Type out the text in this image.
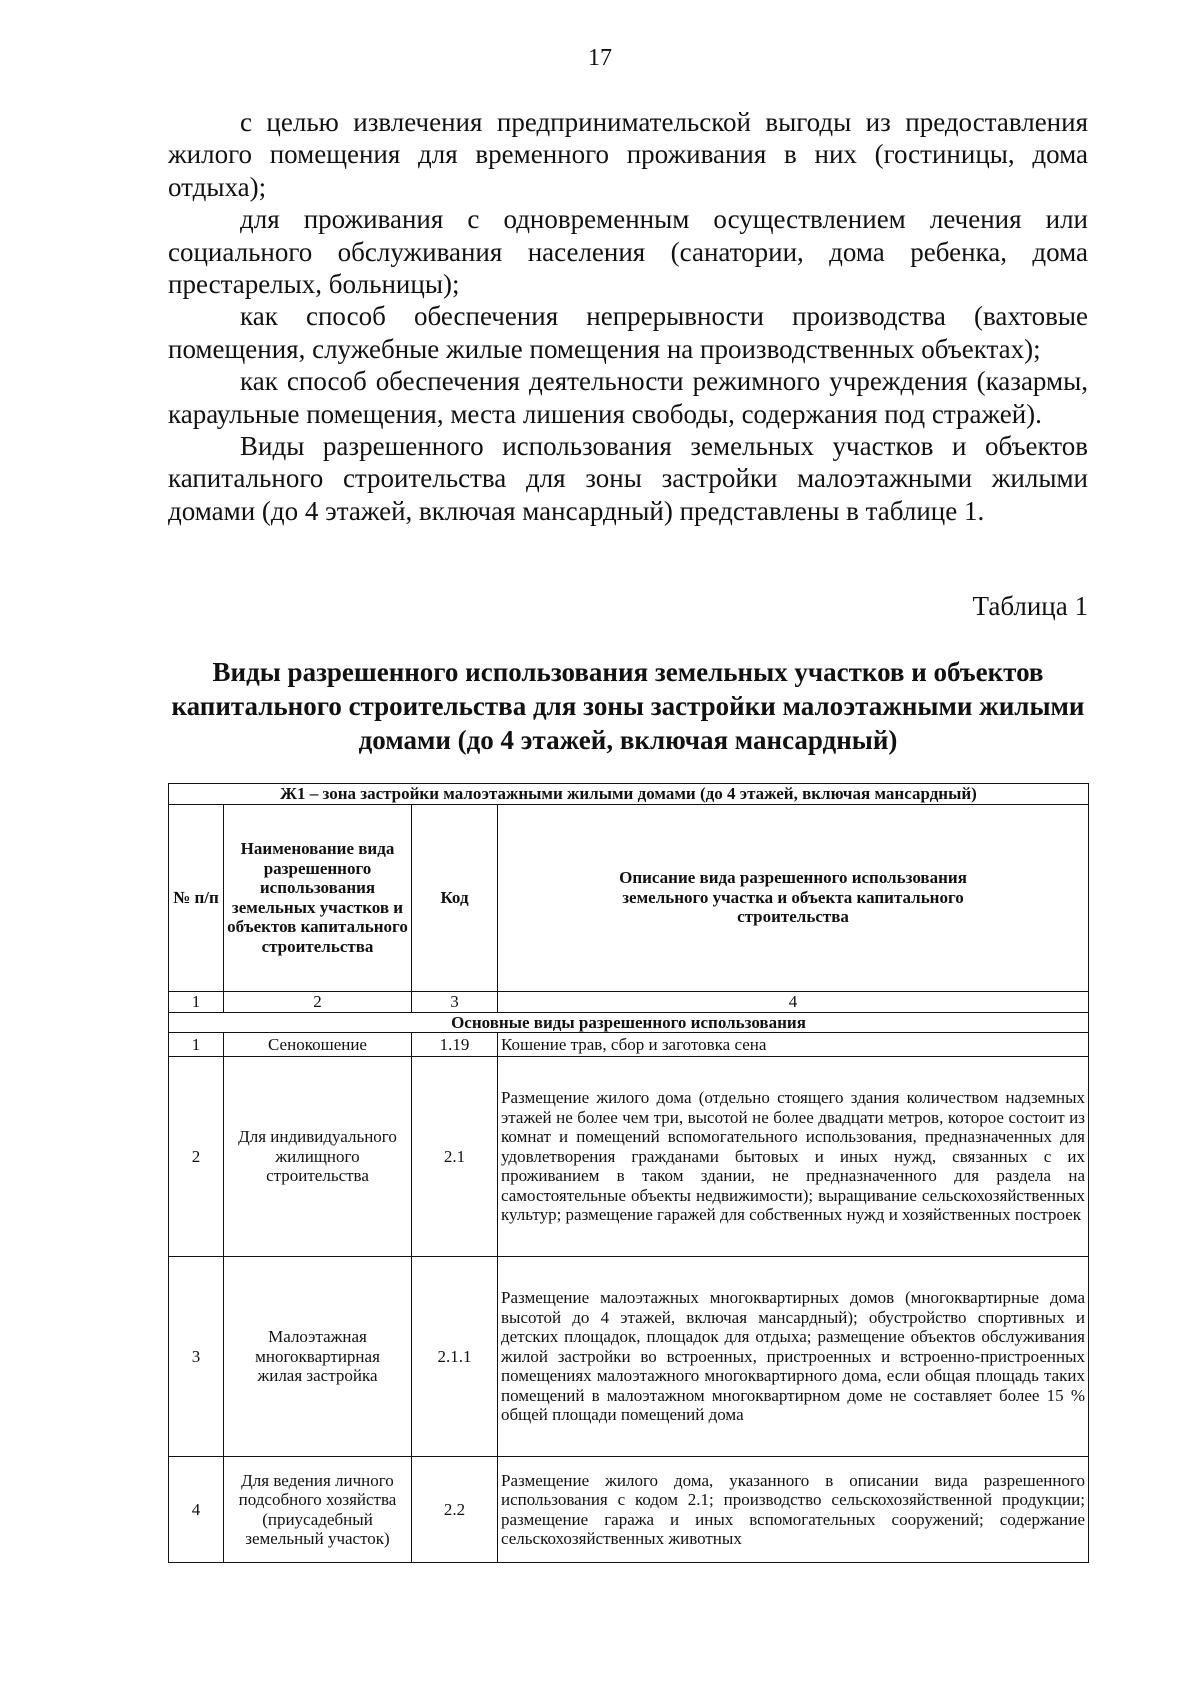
17

с целью извлечения предпринимательской выгоды из предоставления жилого помещения для временного проживания в них (гостиницы, дома отдыха);

для проживания с одновременным осуществлением лечения или социального обслуживания населения (санатории, дома ребенка, дома престарелых, больницы);

как способ обеспечения непрерывности производства (вахтовые помещения, служебные жилые помещения на производственных объектах);

как способ обеспечения деятельности режимного учреждения (казармы, караульные помещения, места лишения свободы, содержания под стражей).

Виды разрешенного использования земельных участков и объектов капитального строительства для зоны застройки малоэтажными жилыми домами (до 4 этажей, включая мансардный) представлены в таблице 1.

Таблица 1
Виды разрешенного использования земельных участков и объектов капитального строительства для зоны застройки малоэтажными жилыми домами (до 4 этажей, включая мансардный)
Ж1 – зона застройки малоэтажными жилыми домами (до 4 этажей, включая мансардный)			
№ п/п	Наименование вида разрешенного использования земельных участков и объектов капитального строительства	Код	Описание вида разрешенного использования земельного участка и объекта капитального строительства
1	2	3	4
Основные виды разрешенного использования			
1	Сенокошение	1.19	Кошение трав, сбор и заготовка сена
2	Для индивидуального жилищного строительства	2.1	Размещение жилого дома (отдельно стоящего здания количеством надземных этажей не более чем три, высотой не более двадцати метров, которое состоит из комнат и помещений вспомогательного использования, предназначенных для удовлетворения гражданами бытовых и иных нужд, связанных с их проживанием в таком здании, не предназначенного для раздела на самостоятельные объекты недвижимости); выращивание сельскохозяйственных культур; размещение гаражей для собственных нужд и хозяйственных построек
3	Малоэтажная многоквартирная жилая застройка	2.1.1	Размещение малоэтажных многоквартирных домов (многоквартирные дома высотой до 4 этажей, включая мансардный); обустройство спортивных и детских площадок, площадок для отдыха; размещение объектов обслуживания жилой застройки во встроенных, пристроенных и встроенно-пристроенных помещениях малоэтажного многоквартирного дома, если общая площадь таких помещений в малоэтажном многоквартирном доме не составляет более 15 % общей площади помещений дома
4	Для ведения личного подсобного хозяйства (приусадебный земельный участок)	2.2	Размещение жилого дома, указанного в описании вида разрешенного использования с кодом 2.1; производство сельскохозяйственной продукции; размещение гаража и иных вспомогательных сооружений; содержание сельскохозяйственных животных
